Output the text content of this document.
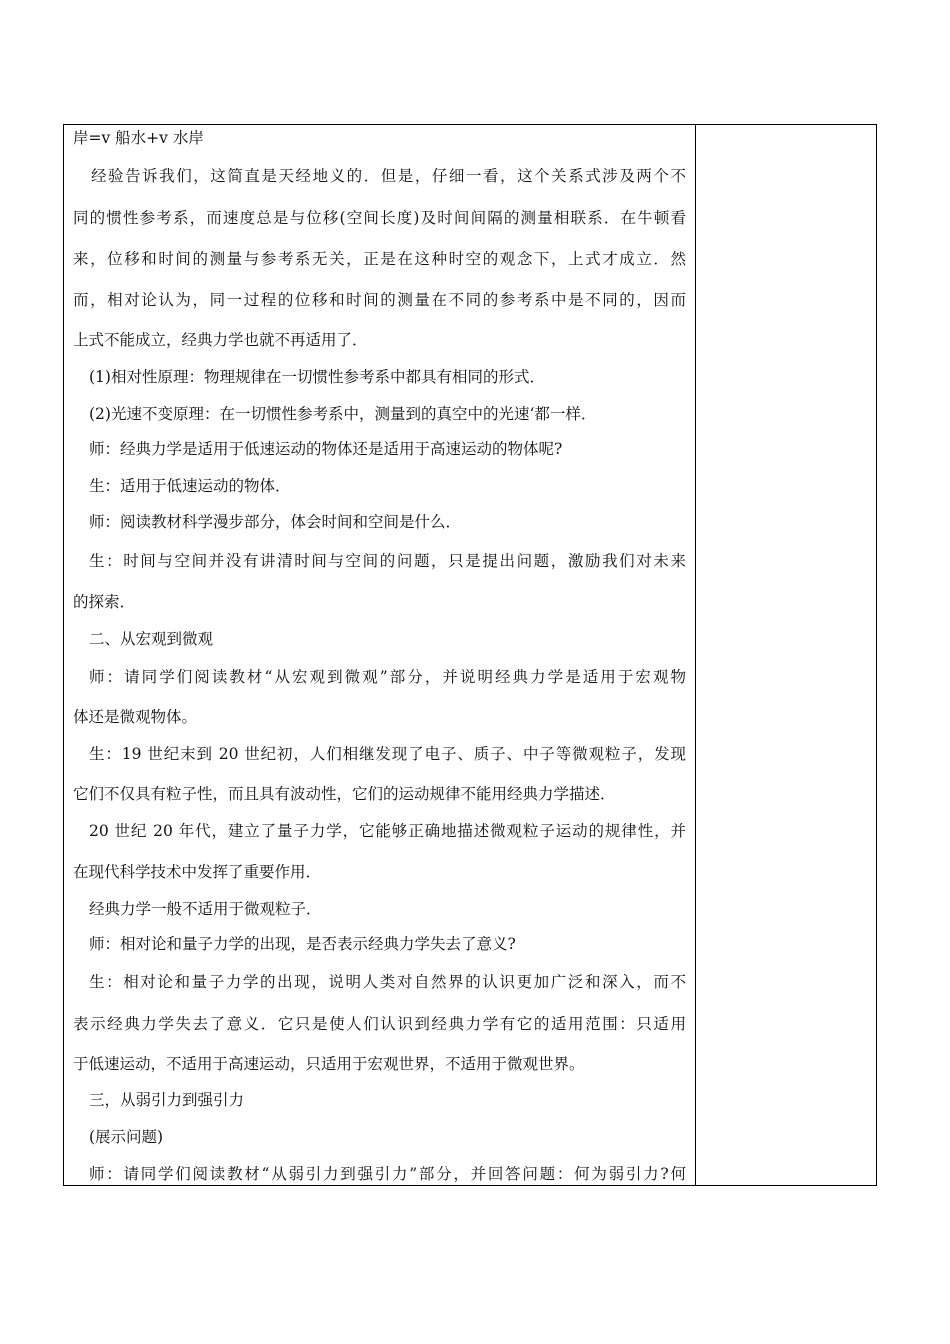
岸=v 船水+v 水岸
经验告诉我们，这简直是天经地义的．但是，仔细一看，这个关系式涉及两个不
同的惯性参考系，而速度总是与位移(空间长度)及时间间隔的测量相联系．在牛顿看
来，位移和时间的测量与参考系无关，正是在这种时空的观念下，上式才成立．然
而，相对论认为，同一过程的位移和时间的测量在不同的参考系中是不同的，因而
上式不能成立，经典力学也就不再适用了．
(1)相对性原理：物理规律在一切惯性参考系中都具有相同的形式．
(2)光速不变原理：在一切惯性参考系中，测量到的真空中的光速‘都一样．
师：经典力学是适用于低速运动的物体还是适用于高速运动的物体呢?
生：适用于低速运动的物体．
师：阅读教材科学漫步部分，体会时间和空间是什么．
生：时间与空间并没有讲清时间与空间的问题，只是提出问题，激励我们对未来
的探索．
二、从宏观到微观
师：请同学们阅读教材“从宏观到微观”部分，并说明经典力学是适用于宏观物
体还是微观物体。
生：19 世纪末到 20 世纪初，人们相继发现了电子、质子、中子等微观粒子，发现
它们不仅具有粒子性，而且具有波动性，它们的运动规律不能用经典力学描述．
20 世纪 20 年代，建立了量子力学，它能够正确地描述微观粒子运动的规律性，并
在现代科学技术中发挥了重要作用．
经典力学一般不适用于微观粒子．
师：相对论和量子力学的出现，是否表示经典力学失去了意义?
生：相对论和量子力学的出现，说明人类对自然界的认识更加广泛和深入，而不
表示经典力学失去了意义．它只是使人们认识到经典力学有它的适用范围：只适用
于低速运动，不适用于高速运动，只适用于宏观世界，不适用于微观世界。
三，从弱引力到强引力
(展示问题)
师：请同学们阅读教材“从弱引力到强引力”部分，并回答问题：何为弱引力?何
